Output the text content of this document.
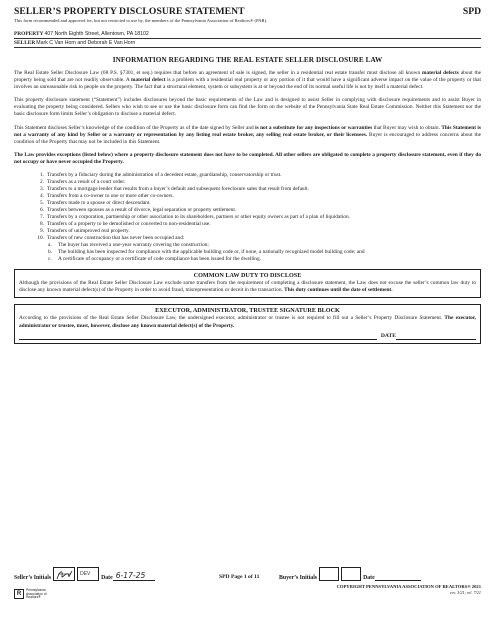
SELLER’S PROPERTY DISCLOSURE STATEMENT	SPD
This form recommended and approved for, but not restricted to use by, the members of the Pennsylvania Association of Realtors® (PAR).
PROPERTY 407 North Eighth Street, Allentown, PA 18102
SELLER Mark C Van Horn and Deborah E Van Horn
INFORMATION REGARDING THE REAL ESTATE SELLER DISCLOSURE LAW
The Real Estate Seller Disclosure Law (68 P.S. §7301, et seq.) requires that before an agreement of sale is signed, the seller in a residential real estate transfer must disclose all known material defects about the property being sold that are not readily observable. A material defect is a problem with a residential real property or any portion of it that would have a significant adverse impact on the value of the property or that involves an unreasonable risk to people on the property. The fact that a structural element, system or subsystem is at or beyond the end of its normal useful life is not by itself a material defect.
This property disclosure statement (“Statement”) includes disclosures beyond the basic requirements of the Law and is designed to assist Seller in complying with disclosure requirements and to assist Buyer in evaluating the property being considered. Sellers who wish to see or use the basic disclosure form can find the form on the website of the Pennsylvania State Real Estate Commission. Neither this Statement nor the basic disclosure form limits Seller’s obligation to disclose a material defect.
This Statement discloses Seller’s knowledge of the condition of the Property as of the date signed by Seller and is not a substitute for any inspections or warranties that Buyer may wish to obtain. This Statement is not a warranty of any kind by Seller or a warranty or representation by any listing real estate broker, any selling real estate broker, or their licensees. Buyer is encouraged to address concerns about the condition of the Property that may not be included in this Statement.
The Law provides exceptions (listed below) where a property disclosure statement does not have to be completed. All other sellers are obligated to complete a property disclosure statement, even if they do not occupy or have never occupied the Property.
1. Transfers by a fiduciary during the administration of a decedent estate, guardianship, conservatorship or trust.
2. Transfers as a result of a court order.
3. Transfers to a mortgage lender that results from a buyer’s default and subsequent foreclosure sales that result from default.
4. Transfers from a co-owner to one or more other co-owners.
5. Transfers made to a spouse or direct descendant.
6. Transfers between spouses as a result of divorce, legal separation or property settlement.
7. Transfers by a corporation, partnership or other association to its shareholders, partners or other equity owners as part of a plan of liquidation.
8. Transfers of a property to be demolished or converted to non-residential use.
9. Transfers of unimproved real property.
10. Transfers of new construction that has never been occupied and:
a.	The buyer has received a one-year warranty covering the construction;
b.	The building has been inspected for compliance with the applicable building code or, if none, a nationally recognized model building code; and
c.	A certificate of occupancy or a certificate of code compliance has been issued for the dwelling.
COMMON LAW DUTY TO DISCLOSE
Although the provisions of the Real Estate Seller Disclosure Law exclude some transfers from the requirement of completing a disclosure statement, the Law does not excuse the seller’s common law duty to disclose any known material defect(s) of the Property in order to avoid fraud, misrepresentation or deceit in the transaction. This duty continues until the date of settlement.
EXECUTOR, ADMINISTRATOR, TRUSTEE SIGNATURE BLOCK
According to the provisions of the Real Estate Seller Disclosure Law, the undersigned executor, administrator or trustee is not required to fill out a Seller’s Property Disclosure Statement. The executor, administrator or trustee, must, however, disclose any known material defect(s) of the Property.
DATE
Seller’s Initials
DEV
Date 6-17-25	SPD Page 1 of 11	Buyer’s Initials	Date
COPYRIGHT PENNSYLVANIA ASSOCIATION OF REALTORS® 2021
rev. 3/21; rel. 7/21
R
Pennsylvania Association of Realtors®
